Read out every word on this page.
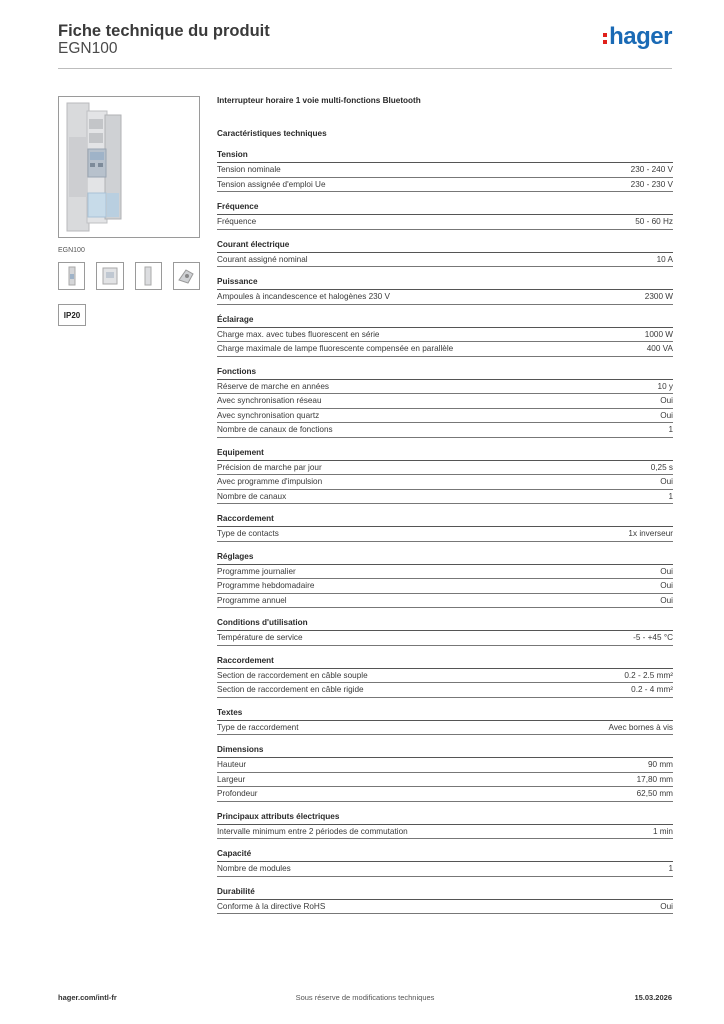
Fiche technique du produit
EGN100	hager
EGN100
IP20
Interrupteur horaire 1 voie multi-fonctions Bluetooth
Caractéristiques techniques
Tension
Tension nominale	230 - 240 V
Tension assignée d'emploi Ue	230 - 230 V
Fréquence
Fréquence	50 - 60 Hz
Courant électrique
Courant assigné nominal	10 A
Puissance
Ampoules à incandescence et halogènes 230 V	2300 W
Éclairage
Charge max. avec tubes fluorescent en série	1000 W
Charge maximale de lampe fluorescente compensée en parallèle	400 VA
Fonctions
Réserve de marche en années	10 y
Avec synchronisation réseau	Oui
Avec synchronisation quartz	Oui
Nombre de canaux de fonctions	1
Equipement
Précision de marche par jour	0,25 s
Avec programme d'impulsion	Oui
Nombre de canaux	1
Raccordement
Type de contacts	1x inverseur
Réglages
Programme journalier	Oui
Programme hebdomadaire	Oui
Programme annuel	Oui
Conditions d'utilisation
Température de service	-5 - +45 °C
Raccordement
Section de raccordement en câble souple	0.2 - 2.5 mm²
Section de raccordement en câble rigide	0.2 - 4 mm²
Textes
Type de raccordement	Avec bornes à vis
Dimensions
Hauteur	90 mm
Largeur	17,80 mm
Profondeur	62,50 mm
Principaux attributs électriques
Intervalle minimum entre 2 périodes de commutation	1 min
Capacité
Nombre de modules	1
Durabilité
Conforme à la directive RoHS	Oui
hager.com/intl-fr	Sous réserve de modifications techniques	15.03.2026
